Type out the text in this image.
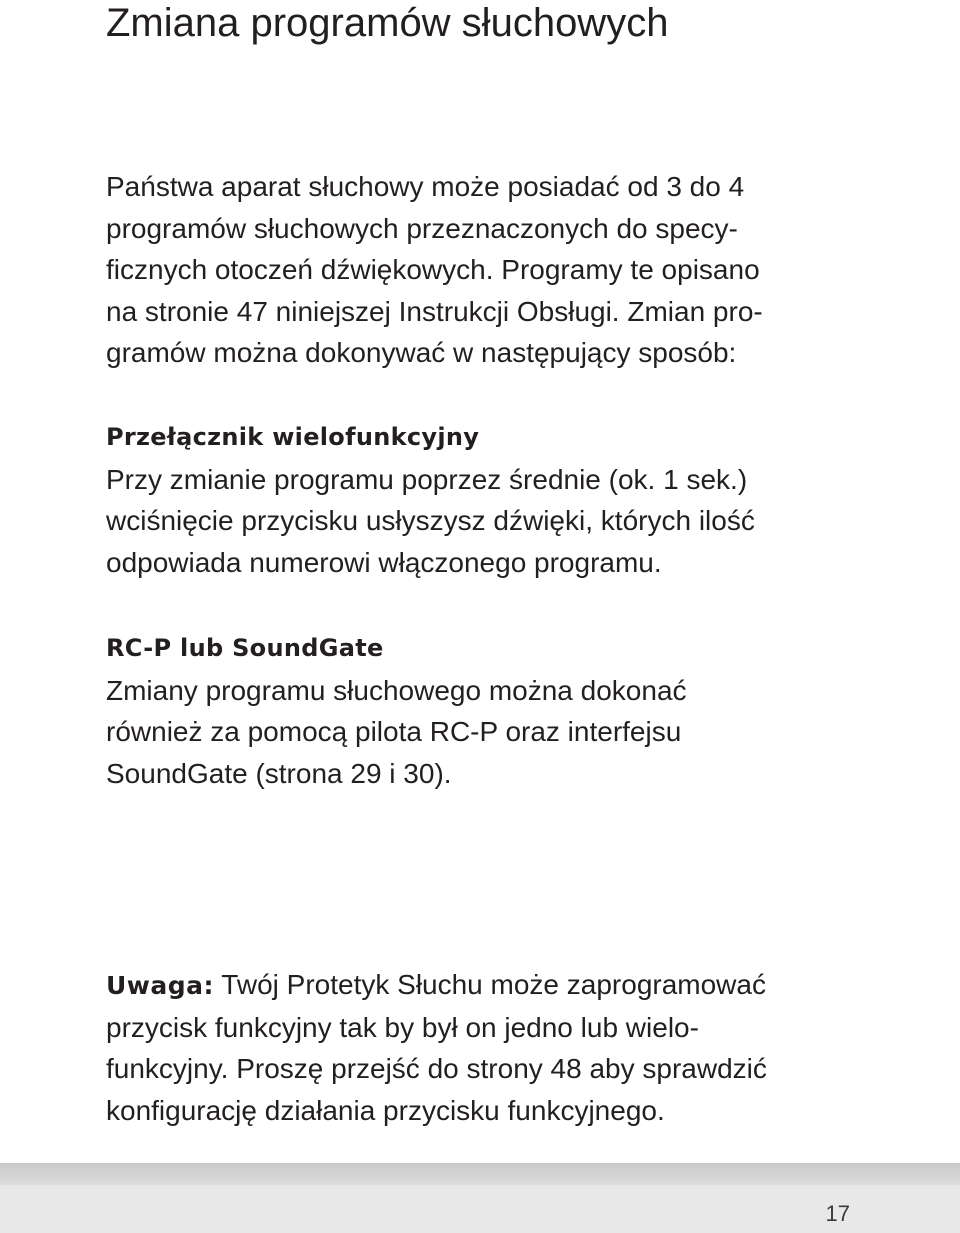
Zmiana programów słuchowych
Państwa aparat słuchowy może posiadać od 3 do 4
programów słuchowych przeznaczonych do specy-
ficznych otoczeń dźwiękowych. Programy te opisano
na stronie 47 niniejszej Instrukcji Obsługi. Zmian pro-
gramów można dokonywać w następujący sposób:
Przełącznik wielofunkcyjny
Przy zmianie programu poprzez średnie (ok. 1 sek.)
wciśnięcie przycisku usłyszysz dźwięki, których ilość
odpowiada numerowi włączonego programu.
RC-P lub SoundGate
Zmiany programu słuchowego można dokonać
również za pomocą pilota RC-P oraz interfejsu
SoundGate (strona 29 i 30).
Uwaga: Twój Protetyk Słuchu może zaprogramować
przycisk funkcyjny tak by był on jedno lub wielo-
funkcyjny. Proszę przejść do strony 48 aby sprawdzić
konfigurację działania przycisku funkcyjnego.
17
